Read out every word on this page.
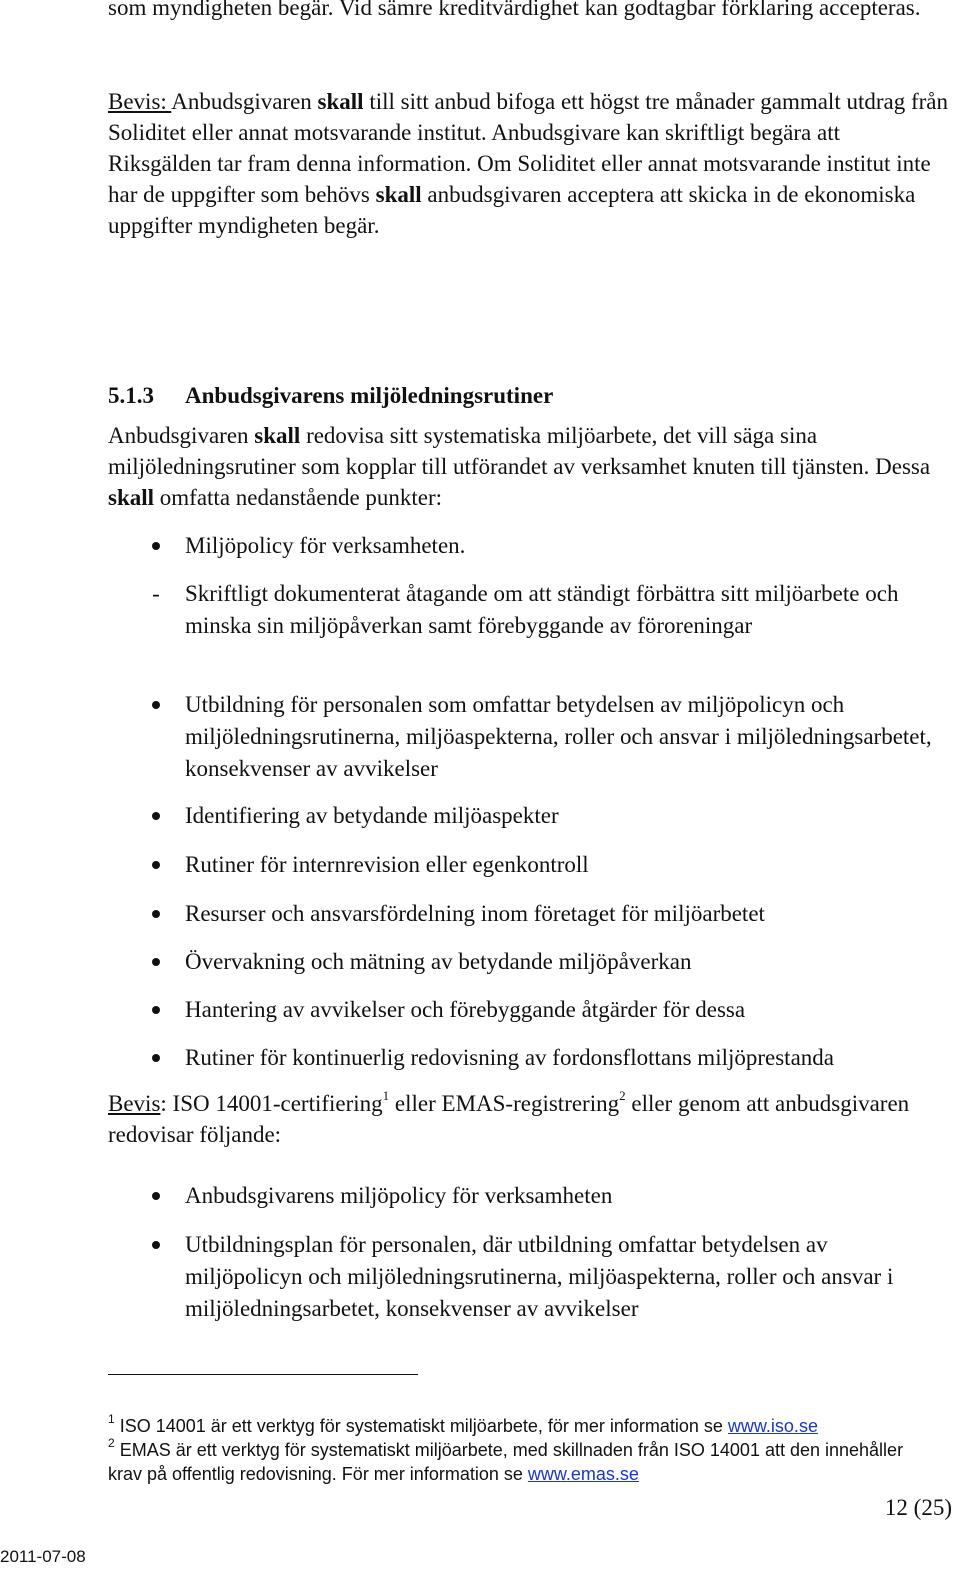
som myndigheten begär. Vid sämre kreditvärdighet kan godtagbar förklaring accepteras.

Bevis: Anbudsgivaren skall till sitt anbud bifoga ett högst tre månader gammalt utdrag från Soliditet eller annat motsvarande institut. Anbudsgivare kan skriftligt begära att Riksgälden tar fram denna information. Om Soliditet eller annat motsvarande institut inte har de uppgifter som behövs skall anbudsgivaren acceptera att skicka in de ekonomiska uppgifter myndigheten begär.

5.1.3 Anbudsgivarens miljöledningsrutiner

Anbudsgivaren skall redovisa sitt systematiska miljöarbete, det vill säga sina miljöledningsrutiner som kopplar till utförandet av verksamhet knuten till tjänsten. Dessa skall omfatta nedanstående punkter:

Miljöpolicy för verksamheten.
- Skriftligt dokumenterat åtagande om att ständigt förbättra sitt miljöarbete och minska sin miljöpåverkan samt förebyggande av föroreningar
Utbildning för personalen som omfattar betydelsen av miljöpolicyn och miljöledningsrutinerna, miljöaspekterna, roller och ansvar i miljöledningsarbetet, konsekvenser av avvikelser
Identifiering av betydande miljöaspekter
Rutiner för internrevision eller egenkontroll
Resurser och ansvarsfördelning inom företaget för miljöarbetet
Övervakning och mätning av betydande miljöpåverkan
Hantering av avvikelser och förebyggande åtgärder för dessa
Rutiner för kontinuerlig redovisning av fordonsflottans miljöprestanda

Bevis: ISO 14001-certifiering$^1$ eller EMAS-registrering$^2$ eller genom att anbudsgivaren redovisar följande:

Anbudsgivarens miljöpolicy för verksamheten
Utbildningsplan för personalen, där utbildning omfattar betydelsen av miljöpolicyn och miljöledningsrutinerna, miljöaspekterna, roller och ansvar i miljöledningsarbetet, konsekvenser av avvikelser

$^1$ ISO 14001 är ett verktyg för systematiskt miljöarbete, för mer information se www.iso.se

$^2$ EMAS är ett verktyg för systematiskt miljöarbete, med skillnaden från ISO 14001 att den innehåller krav på offentlig redovisning. För mer information se www.emas.se

12 (25)
2011-07-08
